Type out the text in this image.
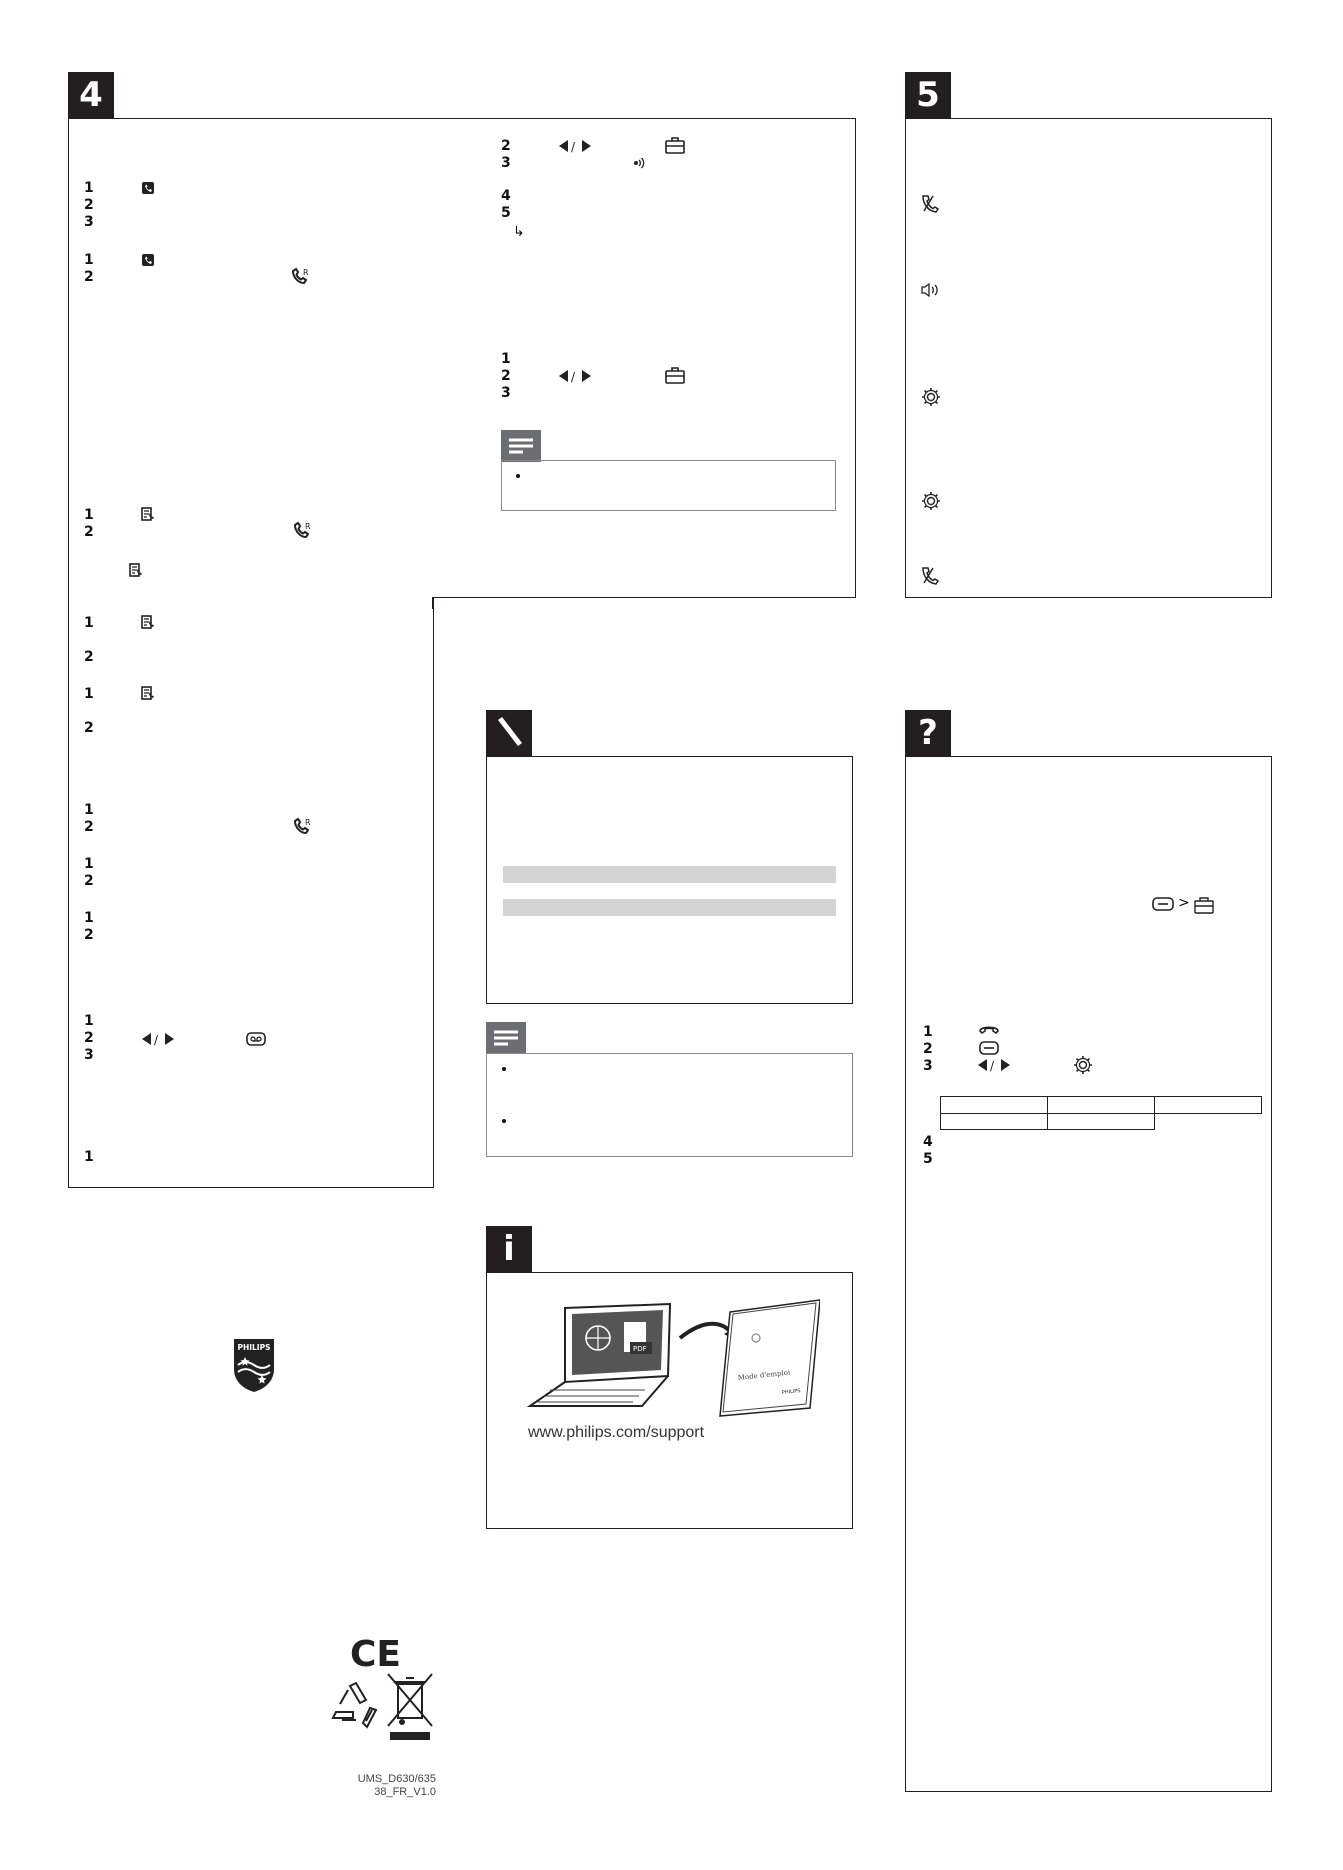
4
1
2
3
1
2	R
1
2	R
1
2
1
2
1
2	R
1
2
1
2
1
2
3
/
1
2
3
4
5
↳
/
1
2
3
/
5
i
PDF
Mode d'emploi
PHILIPS
www.philips.com/support
?
>
1
2
3	/
4
5
PHILIPS
CE
UMS_D630/635
38_FR_V1.0
